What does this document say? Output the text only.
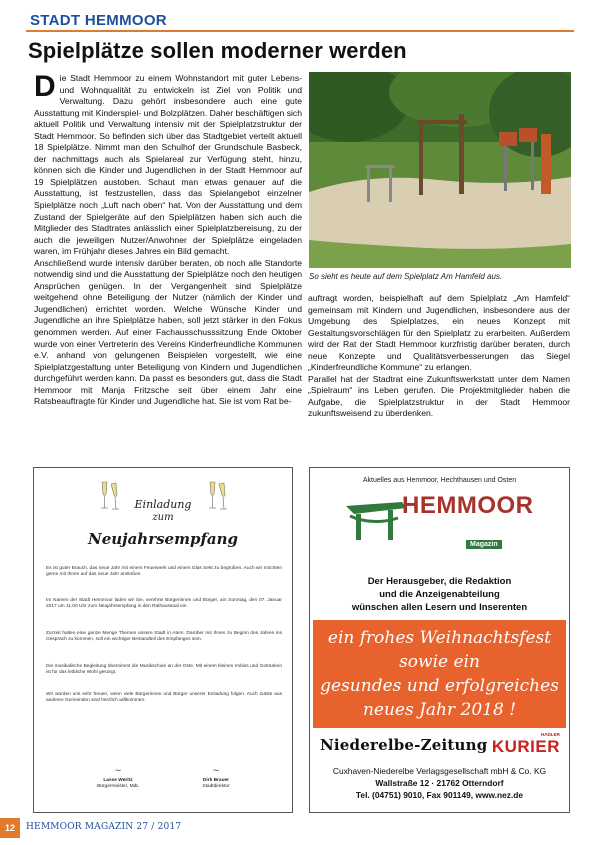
STADT HEMMOOR
Spielplätze sollen moderner werden

Die Stadt Hemmoor zu einem Wohnstandort mit guter Lebens- und Wohnqualität zu entwickeln ist Ziel von Politik und Verwaltung. Dazu gehört insbesondere auch eine gute Ausstattung mit Kinderspiel- und Bolzplätzen. Daher beschäftigen sich aktuell Politik und Verwaltung intensiv mit der Spielplatzstruktur der Stadt Hemmoor. So befinden sich über das Stadtgebiet verteilt aktuell 18 Spielplätze. Nimmt man den Schulhof der Grundschule Basbeck, der nachmittags auch als Spielareal zur Verfügung steht, hinzu, können sich die Kinder und Jugendlichen in der Stadt Hemmoor auf 19 Spielplätzen austoben. Schaut man etwas genauer auf die Ausstattung, ist festzustellen, dass das Spielangebot einzelner Spielplätze noch „Luft nach oben“ hat. Von der Ausstattung und dem Zustand der Spielgeräte auf den Spielplätzen haben sich auch die Mitglieder des Stadtrates anlässlich einer Spielplatzbereisung, zu der auch die jeweiligen Nutzer/Anwohner der Spielplätze eingeladen waren, im Frühjahr dieses Jahres ein Bild gemacht.

Anschließend wurde intensiv darüber beraten, ob noch alle Standorte notwendig sind und die Ausstattung der Spielplätze noch den heutigen Ansprüchen genügen. In der Vergangenheit sind Spielplätze weitgehend ohne Beteiligung der Nutzer (nämlich der Kinder und Jugendlichen) errichtet worden. Welche Wünsche Kinder und Jugendliche an ihre Spielplätze haben, soll jetzt stärker in den Fokus genommen werden. Auf einer Fachausschusssitzung Ende Oktober wurde von einer Vertreterin des Vereins Kinderfreundliche Kommunen e.V. anhand von gelungenen Beispielen vorgestellt, wie eine Spielplatzgestaltung unter Beteiligung von Kindern und Jugendlichen durchgeführt werden kann. Da passt es besonders gut, dass die Stadt Hemmoor mit Manja Fritzsche seit über einem Jahr eine Ratsbeauftragte für Kinder und Jugendliche hat. Sie ist vom Rat be-

So sieht es heute auf dem Spielplatz Am Hamfeld aus.

auftragt worden, beispielhaft auf dem Spielplatz „Am Hamfeld“ gemeinsam mit Kindern und Jugendlichen, insbesondere aus der Umgebung des Spielplatzes, ein neues Konzept mit Gestaltungsvorschlägen für den Spielplatz zu erarbeiten. Außerdem wird der Rat der Stadt Hemmoor kurzfristig darüber beraten, durch neue Konzepte und Qualitätsverbesserungen das Siegel „Kinderfreundliche Kommune“ zu erlangen.

Parallel hat der Stadtrat eine Zukunftswerkstatt unter dem Namen „Spielraum“ ins Leben gerufen. Die Projektmitglieder haben die Aufgabe, die Spielplatzstruktur in der Stadt Hemmoor zukunftsweisend zu überdenken.

Einladung
zum
Neujahrsempfang
Es ist guter Brauch, das neue Jahr mit einem Feuerwerk und einem Glas Sekt zu begrüßen. Auch wir möchten gerne mit Ihnen auf das neue Jahr anstoßen.
Im Namen der Stadt Hemmoor laden wir Sie, verehrte Bürgerinnen und Bürger, am Sonntag, den 07. Januar 2017 um 11.00 Uhr zum Neujahrsempfang in den Rathaussaal ein.
Zurzeit halten eine ganze Menge Themen unsere Stadt in Atem. Darüber mit Ihnen zu Beginn des Jahres ins Gespräch zu kommen, soll ein wichtiger Bestandteil des Empfanges sein.
Die musikalische Begleitung übernimmt die Musikschule an der Oste. Mit einem kleinen Imbiss und Getränken ist für das leibliche Wohl gesorgt.
Wir würden uns sehr freuen, wenn viele Bürgerinnen und Bürger unserer Einladung folgen. Auch Gäste aus anderen Gemeinden sind herzlich willkommen.
~
Lasse Weritz
Bürgermeister, MdL
~
Dirk Brauer
Stadtdirektor
Aktuelles aus Hemmoor, Hechthausen und Osten
HEMMOOR
Magazin
Der Herausgeber, die Redaktion
und die Anzeigenabteilung
wünschen allen Lesern und Inserenten
ein frohes Weihnachtsfest
sowie ein
gesundes und erfolgreiches
neues Jahr 2018 !
Niederelbe-Zeitung
HADLER
KURIER
Cuxhaven-Niederelbe Verlagsgesellschaft mbH & Co. KG
Wallstraße 12 · 21762 Otterndorf
Tel. (04751) 9010, Fax 901149, www.nez.de
12	HEMMOOR MAGAZIN 27 / 2017
